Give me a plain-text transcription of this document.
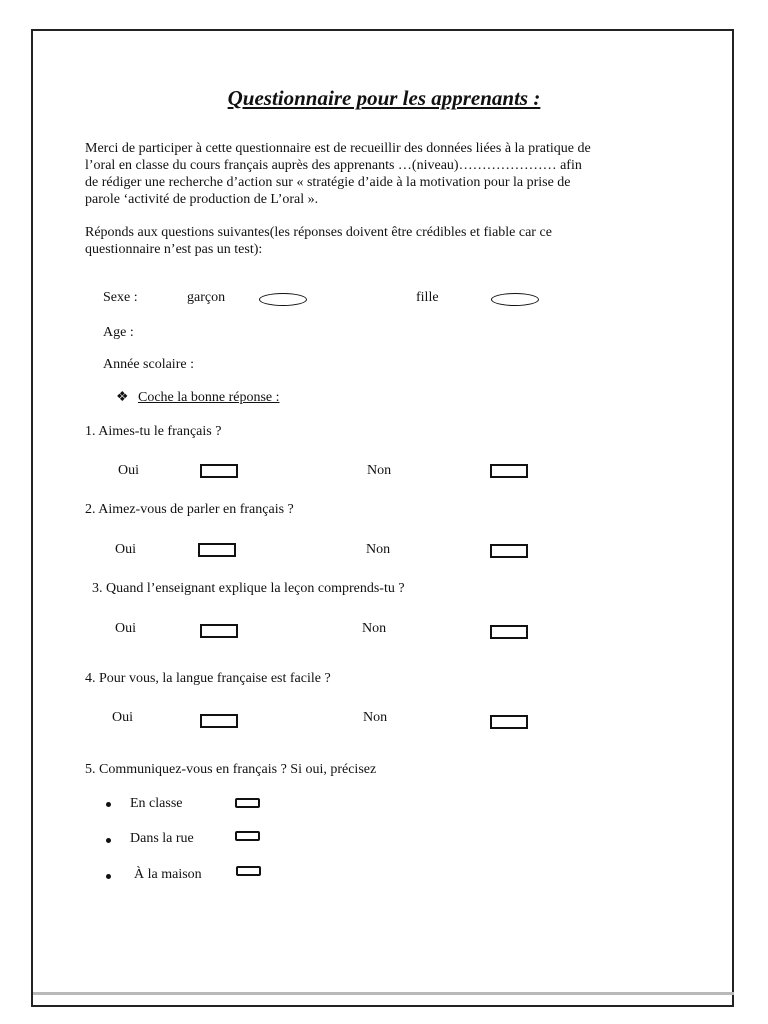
Questionnaire pour les apprenants :
Merci de participer à cette questionnaire est de recueillir des données liées à la pratique de
l’oral en classe du cours français auprès des apprenants …(niveau)………………… afin
de rédiger une recherche d’action sur « stratégie d’aide à la motivation pour la prise de
parole ‘activité de production de L’oral ».
Réponds aux questions suivantes(les réponses doivent être crédibles et fiable car ce
questionnaire n’est pas un test):
Sexe :	garçon	fille
Age :
Année scolaire :
❖ Coche la bonne réponse :
1. Aimes-tu le français ?
Oui	Non
2. Aimez-vous de parler en français ?
Oui	Non
3. Quand l’enseignant explique la leçon comprends-tu ?
Oui	Non
4. Pour vous, la langue française est facile ?
Oui	Non
5. Communiquez-vous en français ? Si oui, précisez
En classe
Dans la rue
À la maison
